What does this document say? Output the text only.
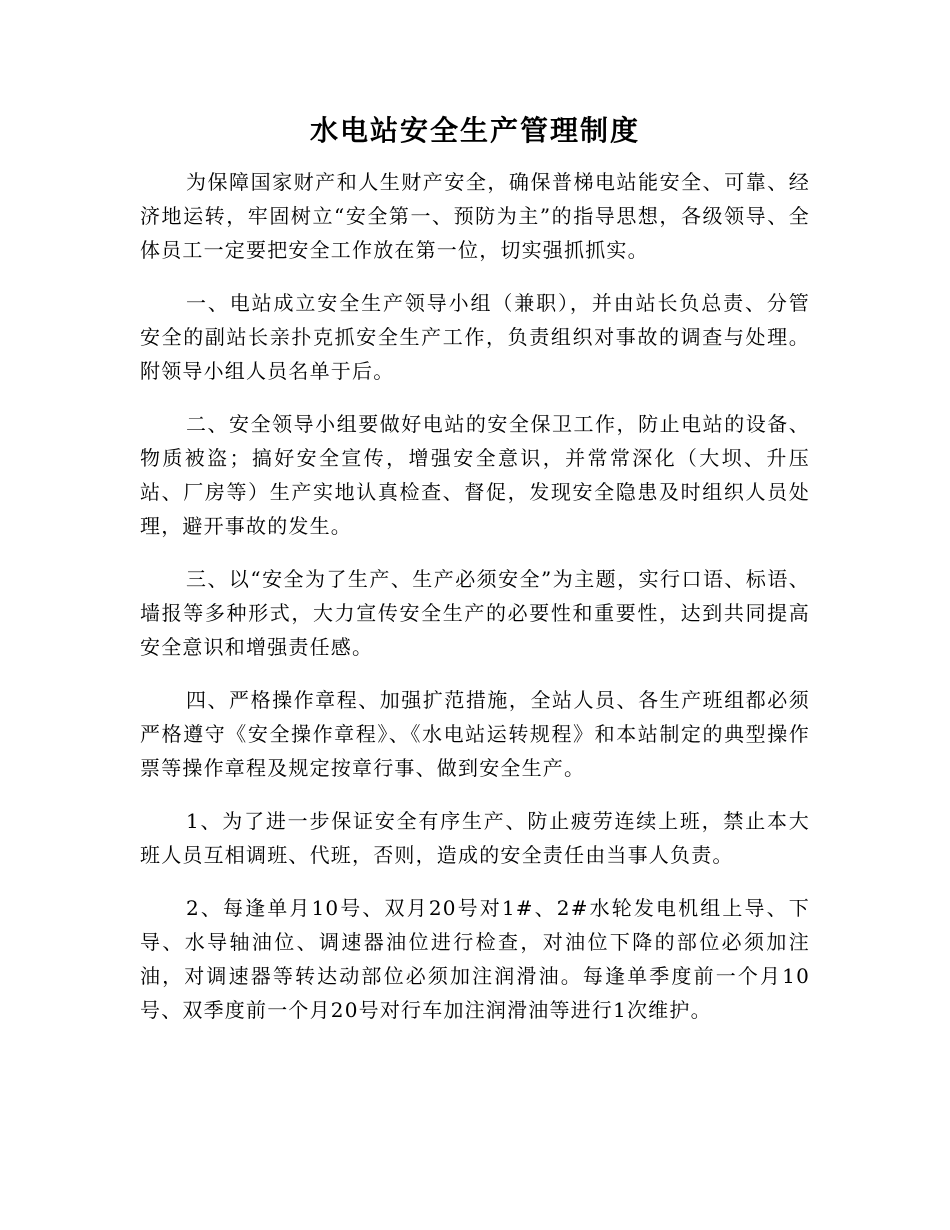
水电站安全生产管理制度

为保障国家财产和人生财产安全，确保普梯电站能安全、可靠、经济地运转，牢固树立“安全第一、预防为主”的指导思想，各级领导、全体员工一定要把安全工作放在第一位，切实强抓抓实。

一、电站成立安全生产领导小组（兼职），并由站长负总责、分管安全的副站长亲扑克抓安全生产工作，负责组织对事故的调查与处理。附领导小组人员名单于后。

二、安全领导小组要做好电站的安全保卫工作，防止电站的设备、物质被盗；搞好安全宣传，增强安全意识，并常常深化（大坝、升压站、厂房等）生产实地认真检查、督促，发现安全隐患及时组织人员处理，避开事故的发生。

三、以“安全为了生产、生产必须安全”为主题，实行口语、标语、墙报等多种形式，大力宣传安全生产的必要性和重要性，达到共同提高安全意识和增强责任感。

四、严格操作章程、加强扩范措施，全站人员、各生产班组都必须严格遵守《安全操作章程》、《水电站运转规程》和本站制定的典型操作票等操作章程及规定按章行事、做到安全生产。

1、为了进一步保证安全有序生产、防止疲劳连续上班，禁止本大班人员互相调班、代班，否则，造成的安全责任由当事人负责。

2、每逢单月10号、双月20号对1#、2#水轮发电机组上导、下导、水导轴油位、调速器油位进行检查，对油位下降的部位必须加注油，对调速器等转达动部位必须加注润滑油。每逢单季度前一个月10号、双季度前一个月20号对行车加注润滑油等进行1次维护。
